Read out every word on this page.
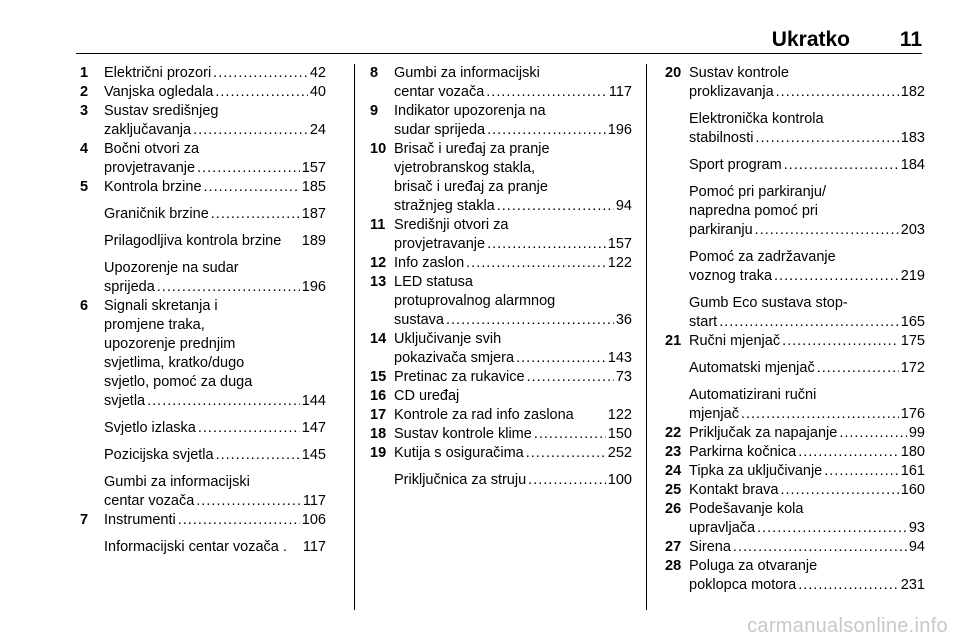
Ukratko 11
1	Električni prozori .....	42
2	Vanjska ogledala .....	40
3	Sustav središnjeg
zaključavanja .....	24
4	Bočni otvori za
provjetravanje .....	157
5	Kontrola brzine .....	185
Graničnik brzine .....	187
Prilagodljiva kontrola brzine 189
Upozorenje na sudar
sprijeda .....	196
6	Signali skretanja i
promjene traka,
upozorenje prednjim
svjetlima, kratko/dugo
svjetlo, pomoć za duga
svjetla .....	144
Svjetlo izlaska .....	147
Pozicijska svjetla .....	145
Gumbi za informacijski
centar vozača .....	117
7	Instrumenti .....	106
Informacijski centar vozača . 117
8	Gumbi za informacijski
centar vozača .....	117
9	Indikator upozorenja na
sudar sprijeda .....	196
10 Brisač i uređaj za pranje
vjetrobranskog stakla,
brisač i uređaj za pranje
stražnjeg stakla .....	94
11 Središnji otvori za
provjetravanje .....	157
12 Info zaslon .....	122
13 LED statusa
protuprovalnog alarmnog
sustava .....	36
14 Uključivanje svih
pokazivača smjera .....	143
15 Pretinac za rukavice .....	73
16 CD uređaj
17 Kontrole za rad info zaslona 122
18 Sustav kontrole klime .....	150
19 Kutija s osiguračima .....	252
Priključnica za struju .....	100
20 Sustav kontrole
proklizavanja .....	182
Elektronička kontrola
stabilnosti .....	183
Sport program .....	184
Pomoć pri parkiranju/
napredna pomoć pri
parkiranju .....	203
Pomoć za zadržavanje
voznog traka .....	219
Gumb Eco sustava stop-
start .....	165
21 Ručni mjenjač .....	175
Automatski mjenjač .....	172
Automatizirani ručni
mjenjač .....	176
22 Priključak za napajanje .....	99
23 Parkirna kočnica .....	180
24 Tipka za uključivanje .....	161
25 Kontakt brava .....	160
26 Podešavanje kola
upravljača .....	93
27 Sirena .....	94
28 Poluga za otvaranje
poklopca motora .....	231
carmanualsonline.info
